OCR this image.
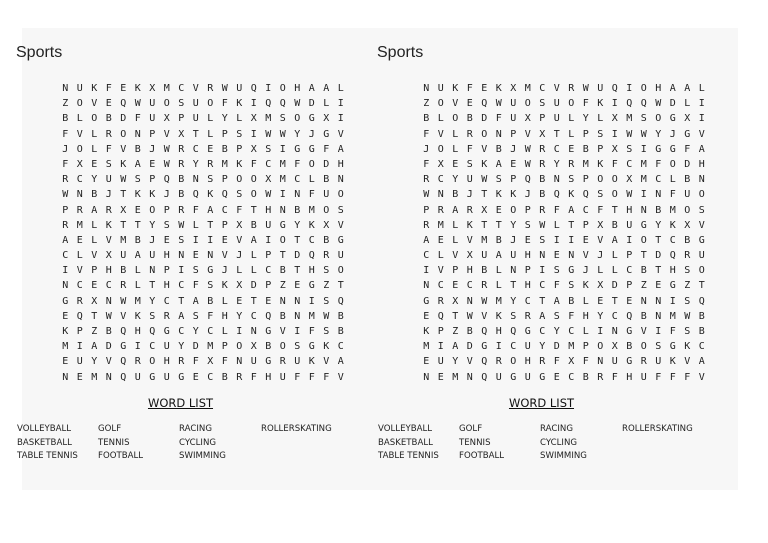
Sports
N U K F E K X M C V R W U Q I O H A A L
Z O V E Q W U O S U O F K I Q Q W D L I
B L O B D F U X P U L Y L X M S O G X I
F V L R O N P V X T L P S I W W Y J G V
J O L F V B J W R C E B P X S I G G F A
F X E S K A E W R Y R M K F C M F O D H
R C Y U W S P Q B N S P O O X M C L B N
W N B J T K K J B Q K Q S O W I N F U O
P R A R X E O P R F A C F T H N B M O S
R M L K T T Y S W L T P X B U G Y K X V
A E L V M B J E S I I E V A I O T C B G
C L V X U A U H N E N V J L P T D Q R U
I V P H B L N P I S G J L L C B T H S O
N C E C R L T H C F S K X D P Z E G Z T
G R X N W M Y C T A B L E T E N N I S Q
E Q T W V K S R A S F H Y C Q B N M W B
K P Z B Q H Q G C Y C L I N G V I F S B
M I A D G I C U Y D M P O X B O S G K C
E U Y V Q R O H R F X F N U G R U K V A
N E M N Q U G U G E C B R F H U F F F V
WORD LIST
VOLLEYBALL
BASKETBALL
TABLE TENNIS
GOLF
TENNIS
FOOTBALL
RACING
CYCLING
SWIMMING
ROLLERSKATING
Sports
N U K F E K X M C V R W U Q I O H A A L
Z O V E Q W U O S U O F K I Q Q W D L I
B L O B D F U X P U L Y L X M S O G X I
F V L R O N P V X T L P S I W W Y J G V
J O L F V B J W R C E B P X S I G G F A
F X E S K A E W R Y R M K F C M F O D H
R C Y U W S P Q B N S P O O X M C L B N
W N B J T K K J B Q K Q S O W I N F U O
P R A R X E O P R F A C F T H N B M O S
R M L K T T Y S W L T P X B U G Y K X V
A E L V M B J E S I I E V A I O T C B G
C L V X U A U H N E N V J L P T D Q R U
I V P H B L N P I S G J L L C B T H S O
N C E C R L T H C F S K X D P Z E G Z T
G R X N W M Y C T A B L E T E N N I S Q
E Q T W V K S R A S F H Y C Q B N M W B
K P Z B Q H Q G C Y C L I N G V I F S B
M I A D G I C U Y D M P O X B O S G K C
E U Y V Q R O H R F X F N U G R U K V A
N E M N Q U G U G E C B R F H U F F F V
WORD LIST
VOLLEYBALL
BASKETBALL
TABLE TENNIS
GOLF
TENNIS
FOOTBALL
RACING
CYCLING
SWIMMING
ROLLERSKATING
